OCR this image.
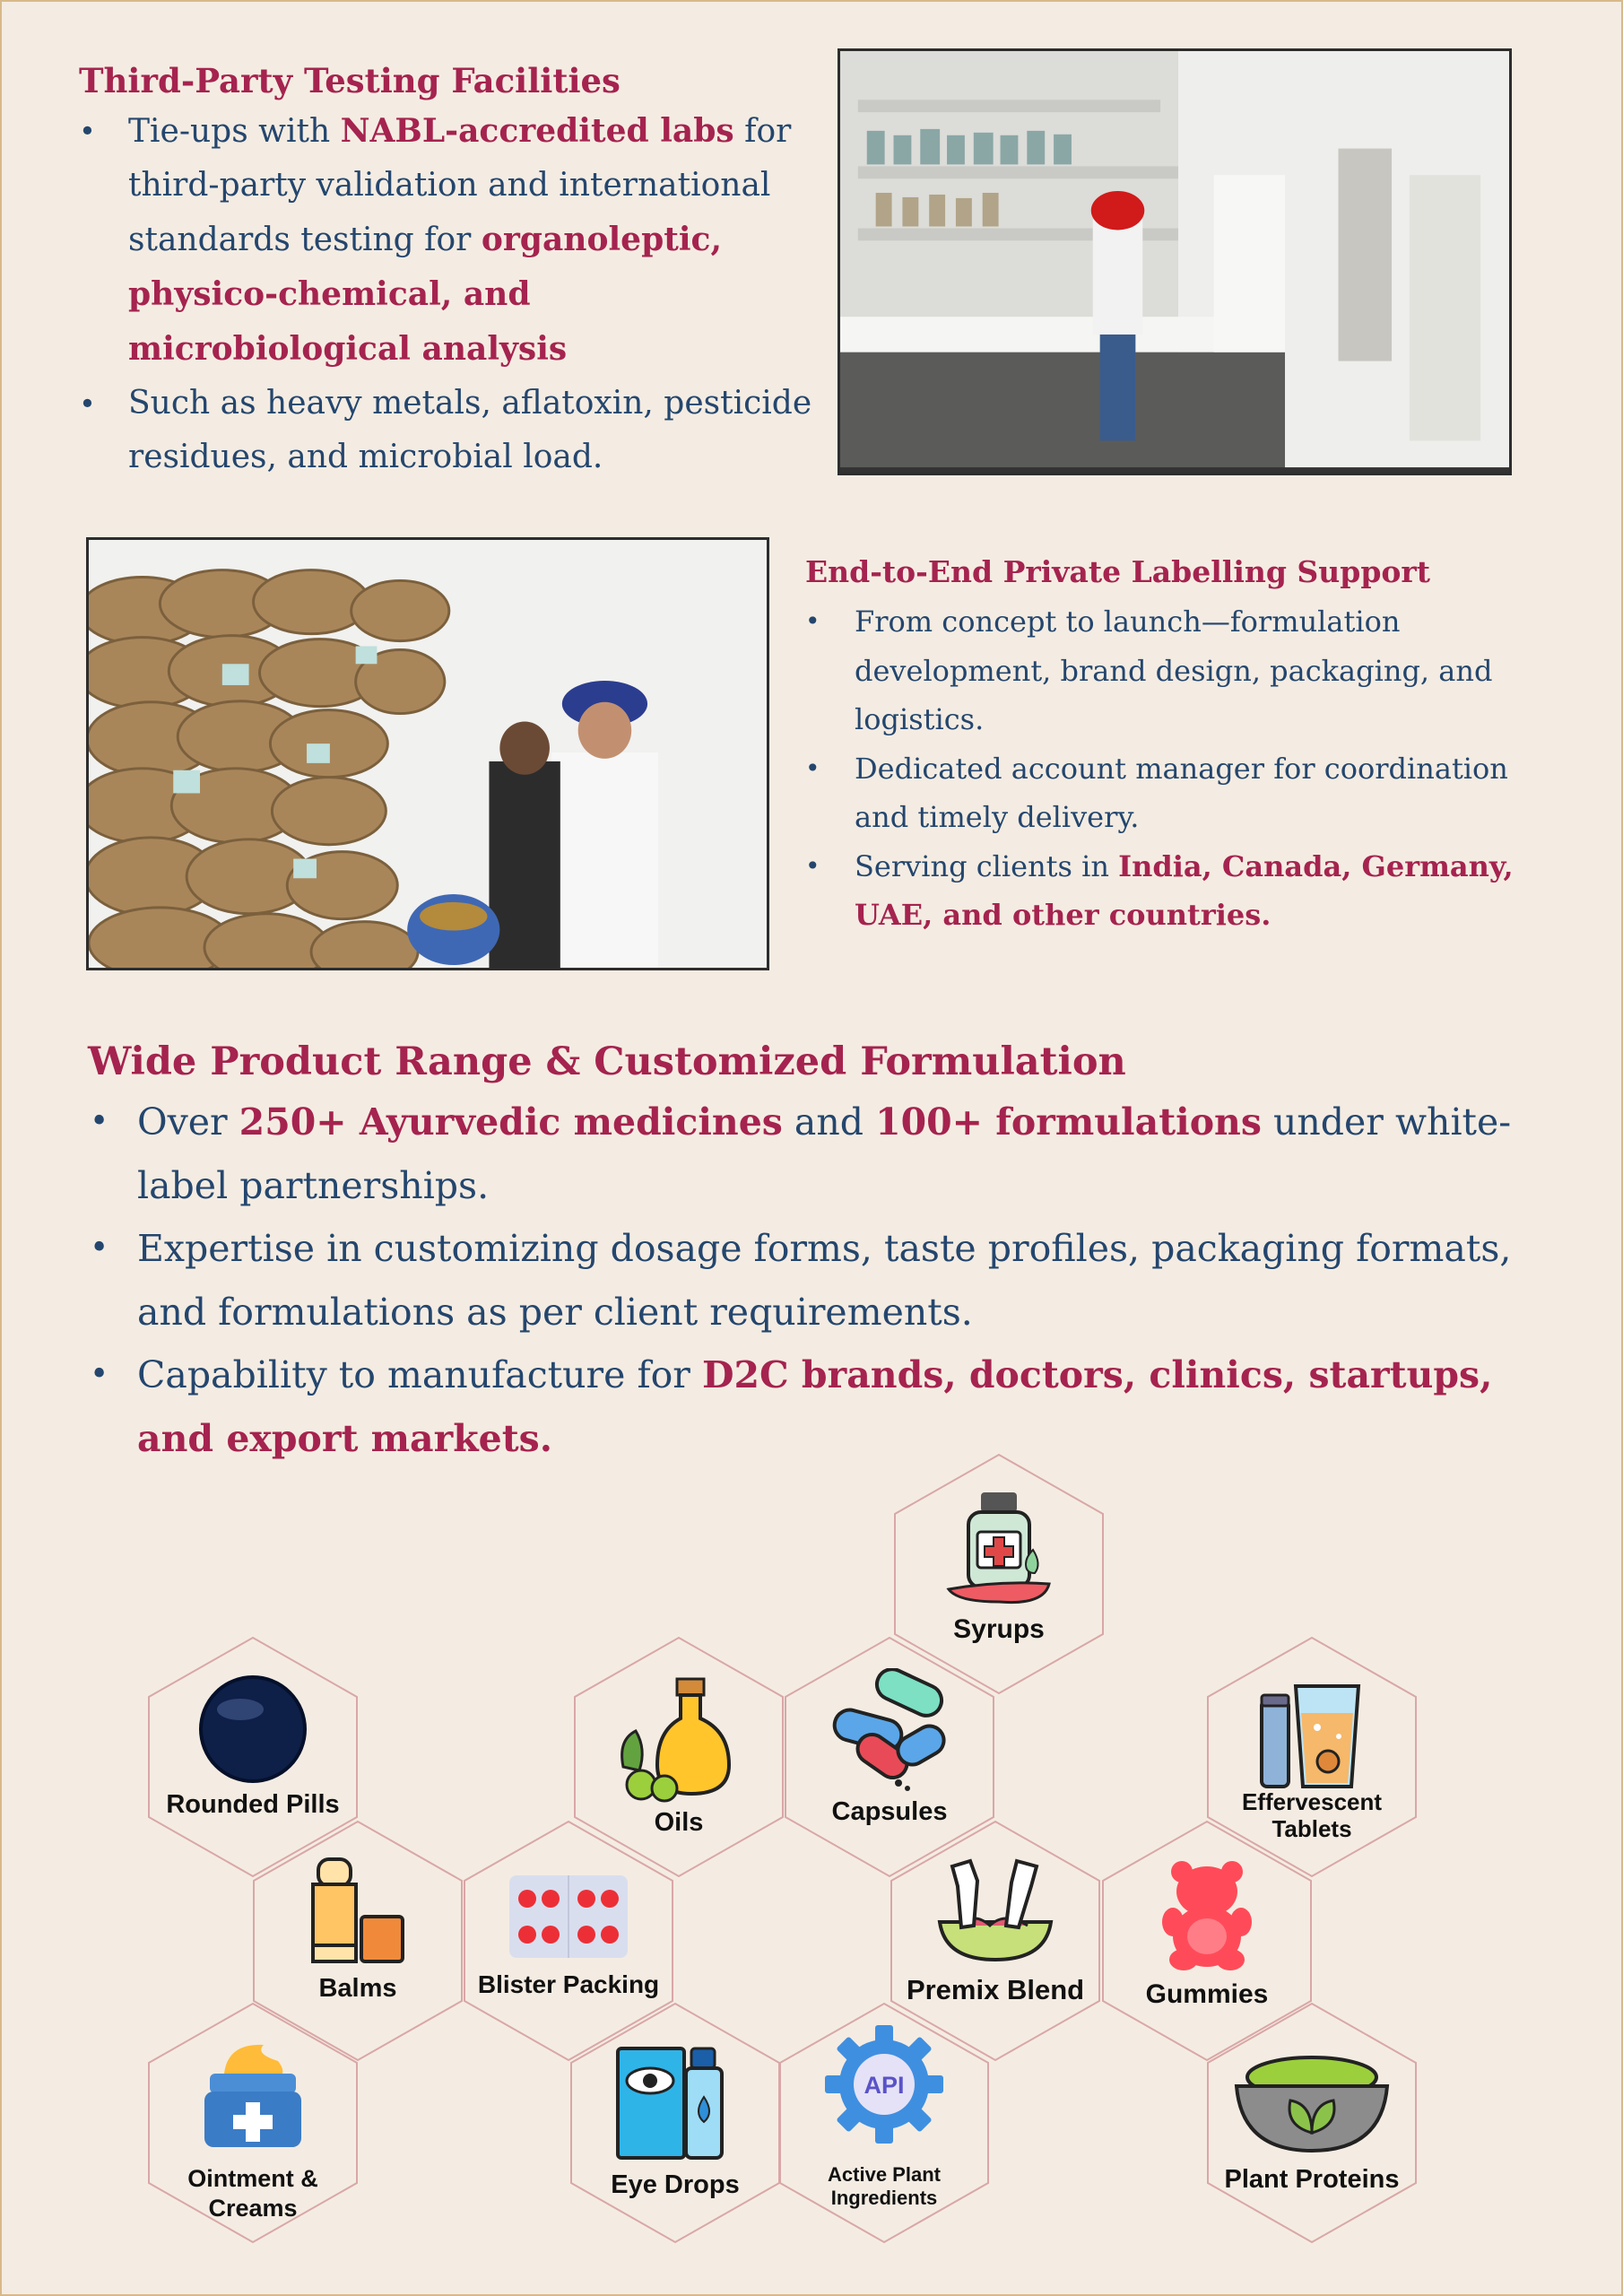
Third-Party Testing Facilities
• Tie-ups with NABL-accredited labs for third-party validation and international standards testing for organoleptic, physico-chemical, and microbiological analysis
• Such as heavy metals, aflatoxin, pesticide residues, and microbial load.
End-to-End Private Labelling Support
• From concept to launch—formulation development, brand design, packaging, and logistics.
• Dedicated account manager for coordination and timely delivery.
• Serving clients in India, Canada, Germany, UAE, and other countries.
Wide Product Range & Customized Formulation
• Over 250+ Ayurvedic medicines and 100+ formulations under white-label partnerships.
• Expertise in customizing dosage forms, taste profiles, packaging formats, and formulations as per client requirements.
• Capability to manufacture for D2C brands, doctors, clinics, startups, and export markets.
Syrups
Rounded Pills
Oils	Capsules	Effervescent
Tablets
Balms	Blister Packing	Premix Blend	Gummies
Ointment &
Creams
Eye Drops
API
Active Plant
Ingredients
Plant Proteins
